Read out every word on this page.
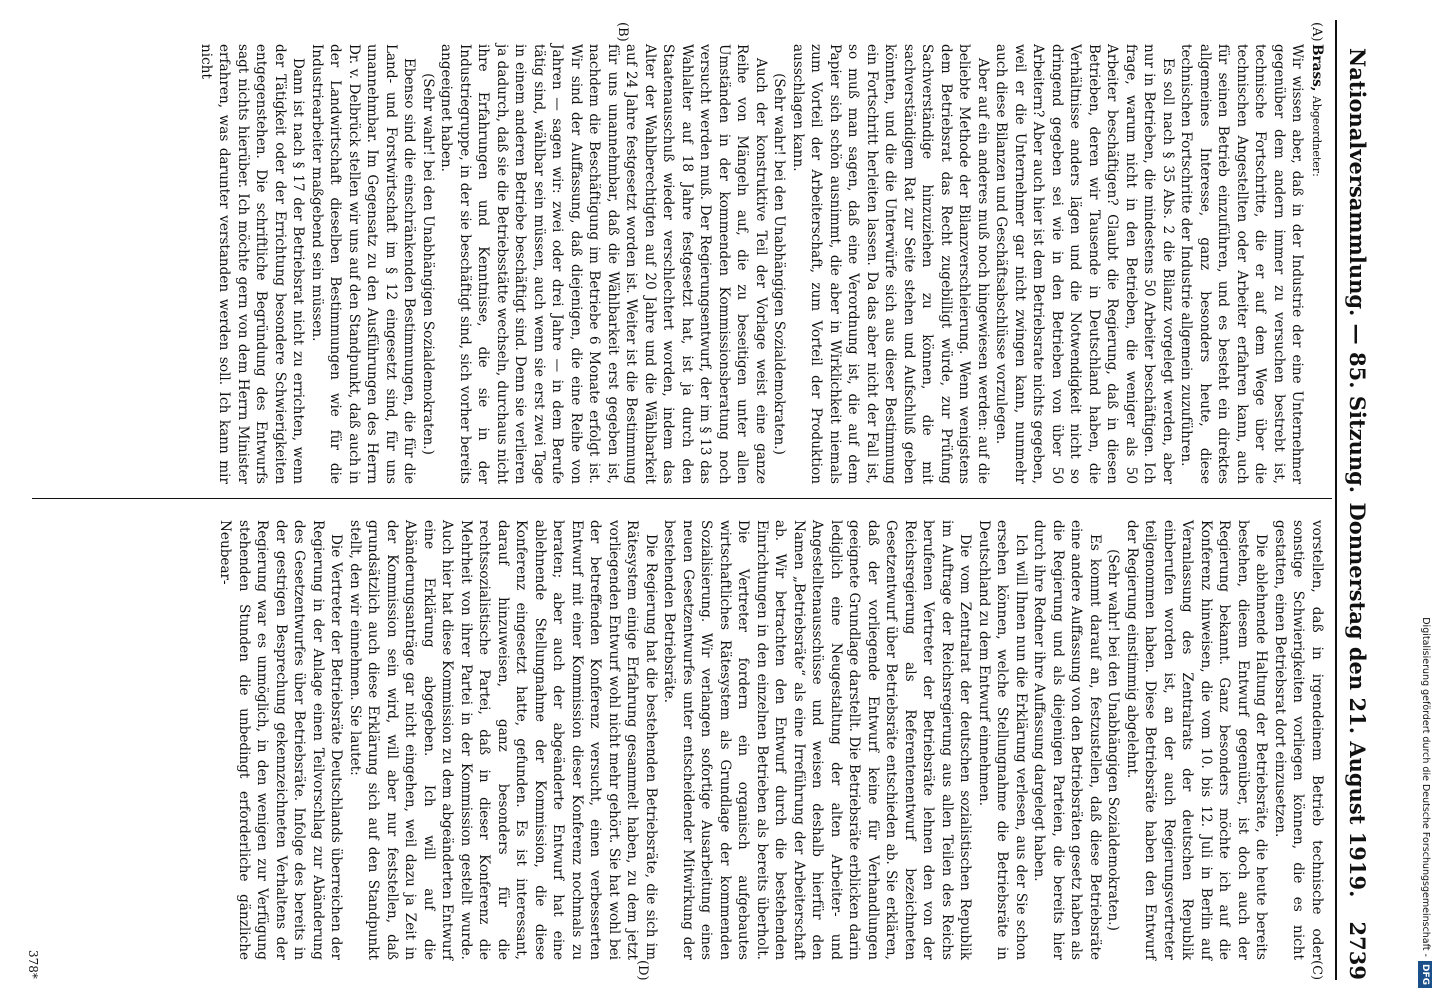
Nationalversammlung. — 85. Sitzung.
Donnerstag den 21. August 1919.
2739
(A)
(B)
(C)
(D)

Brass, Abgeordneter:

Wir wissen aber, daß in der Industrie der eine Unternehmer gegenüber dem andern immer zu versuchen bestrebt ist, technische Fortschritte, die er auf dem Wege über die technischen Angestellten oder Arbeiter erfahren kann, auch für seinen Betrieb einzuführen, und es besteht ein direktes allgemeines Interesse, ganz besonders heute, diese technischen Fortschritte der Industrie allgemein zuzuführen.

Es soll nach § 35 Abs. 2 die Bilanz vorgelegt werden, aber nur in Betrieben, die mindestens 50 Arbeiter beschäftigen. Ich frage, warum nicht in den Betrieben, die weniger als 50 Arbeiter beschäftigen? Glaubt die Regierung, daß in diesen Betrieben, deren wir Tausende in Deutschland haben, die Verhältnisse anders lägen und die Notwendigkeit nicht so dringend gegeben sei wie in den Betrieben von über 50 Arbeitern? Aber auch hier ist dem Betriebsrate nichts gegeben, weil er die Unternehmer gar nicht zwingen kann, nunmehr auch diese Bilanzen und Geschäftsabschlüsse vorzulegen.

Aber auf ein anderes muß noch hingewiesen werden: auf die beliebte Methode der Bilanzverschleierung. Wenn wenigstens dem Betriebsrat das Recht zugebilligt würde, zur Prüfung Sachverständige hinzuziehen zu können, die mit sachverständigem Rat zur Seite stehen und Aufschluß geben könnten, und die die Unterwürfe sich aus dieser Bestimmung ein Fortschritt herleiten lassen. Da das aber nicht der Fall ist, so muß man sagen, daß eine Verordnung ist, die auf dem Papier sich schön ausnimmt, die aber in Wirklichkeit niemals zum Vorteil der Arbeiterschaft, zum Vorteil der Produktion ausschlagen kann.

(Sehr wahr! bei den Unabhängigen Sozialdemokraten.)

Auch der konstruktive Teil der Vorlage weist eine ganze Reihe von Mängeln auf, die zu beseitigen unter allen Umständen in der kommenden Kommissionsberatung noch versucht werden muß. Der Regierungsentwurf, der im § 13 das Wahlalter auf 18 Jahre festgesetzt hat, ist ja durch den Staatenausschuß wieder verschlechtert worden, indem das Alter der Wahlberechtigten auf 20 Jahre und die Wählbarkeit auf 24 Jahre festgesetzt worden ist. Weiter ist die Bestimmung für uns unannehmbar, daß die Wählbarkeit erst gegeben ist, nachdem die Beschäftigung im Betriebe 6 Monate erfolgt ist. Wir sind der Auffassung, daß diejenigen, die eine Reihe von Jahren — sagen wir: zwei oder drei Jahre — in dem Berufe tätig sind, wählbar sein müssen, auch wenn sie erst zwei Tage in einem anderen Betriebe beschäftigt sind. Denn sie verlieren ja dadurch, daß sie die Betriebsstätte wechseln, durchaus nicht ihre Erfahrungen und Kenntnisse, die sie in der Industriegruppe, in der sie beschäftigt sind, sich vorher bereits angeeignet haben.

(Sehr wahr! bei den Unabhängigen Sozialdemokraten.)

Ebenso sind die einschränkenden Bestimmungen, die für die Land- und Forstwirtschaft im § 12 eingesetzt sind, für uns unannehmbar. Im Gegensatz zu den Ausführungen des Herrn Dr. v. Delbrück stellen wir uns auf den Standpunkt, daß auch in der Landwirtschaft dieselben Bestimmungen wie für die Industriearbeiter maßgebend sein müssen.

Dann ist nach § 17 der Betriebsrat nicht zu errichten, wenn der Tätigkeit oder der Errichtung besondere Schwierigkeiten entgegenstehen. Die schriftliche Begründung des Entwurfs sagt nichts hierüber. Ich möchte gern von dem Herrn Minister erfahren, was darunter verstanden werden soll. Ich kann mir nicht

vorstellen, daß in irgendeinem Betrieb technische oder sonstige Schwierigkeiten vorliegen können, die es nicht gestatten, einen Betriebsrat dort einzusetzen.

Die ablehnende Haltung der Betriebsräte, die heute bereits bestehen, diesem Entwurf gegenüber, ist doch auch der Regierung bekannt. Ganz besonders möchte ich auf die Konferenz hinweisen, die vom 10. bis 12. Juli in Berlin auf Veranlassung des Zentralrats der deutschen Republik einberufen worden ist, an der auch Regierungsvertreter teilgenommen haben. Diese Betriebsräte haben den Entwurf der Regierung einstimmig abgelehnt.

(Sehr wahr! bei den Unabhängigen Sozialdemokraten.)

Es kommt darauf an, festzustellen, daß diese Betriebsräte eine andere Auffassung von den Betriebsräten gesetz haben als die Regierung und als diejenigen Parteien, die bereits hier durch ihre Redner ihre Auffassung dargelegt haben.

Ich will Ihnen nun die Erklärung verlesen, aus der Sie schon ersehen können, welche Stellungnahme die Betriebsräte in Deutschland zu dem Entwurf einnehmen.

Die vom Zentralrat der deutschen sozialistischen Republik im Auftrage der Reichsregierung aus allen Teilen des Reichs berufenen Vertreter der Betriebsräte lehnen den von der Reichsregierung als Referentenentwurf bezeichneten Gesetzentwurf über Betriebsräte entschieden ab. Sie erklären, daß der vorliegende Entwurf keine für Verhandlungen geeignete Grundlage darstellt. Die Betriebsräte erblicken darin lediglich eine Neugestaltung der alten Arbeiter- und Angestelltenausschüsse und weisen deshalb hierfür den Namen „Betriebsräte“ als eine Irreführung der Arbeiterschaft ab. Wir betrachten den Entwurf durch die bestehenden Einrichtungen in den einzelnen Betrieben als bereits überholt. Die Vertreter fordern ein organisch aufgebautes wirtschaftliches Rätesystem als Grundlage der kommenden Sozialisierung. Wir verlangen sofortige Ausarbeitung eines neuen Gesetzentwurfes unter entscheidender Mitwirkung der bestehenden Betriebsräte.

Die Regierung hat die bestehenden Betriebsräte, die sich im Rätesystem einige Erfahrung gesammelt haben, zu dem jetzt vorliegenden Entwurf wohl nicht mehr gehört. Sie hat wohl bei der betreffenden Konferenz versucht, einen verbesserten Entwurf mit einer Kommission dieser Konferenz nochmals zu beraten; aber auch der abgeänderte Entwurf hat eine ablehnende Stellungnahme der Kommission, die diese Konferenz eingesetzt hatte, gefunden. Es ist interessant, darauf hinzuweisen, ganz besonders für die rechtssozialistische Partei, daß in dieser Konferenz die Mehrheit von ihrer Partei in der Kommission gestellt wurde. Auch hier hat diese Kommission zu dem abgeänderten Entwurf eine Erklärung abgegeben. Ich will auf die Abänderungsanträge gar nicht eingehen, weil dazu ja Zeit in der Kommission sein wird, will aber nur feststellen, daß grundsätzlich auch diese Erklärung sich auf den Standpunkt stellt, den wir einnehmen. Sie lautet:

Die Vertreter der Betriebsräte Deutschlands überreichen der Regierung in der Anlage einen Teilvorschlag zur Abänderung des Gesetzentwurfes über Betriebsräte. Infolge des bereits in der gestrigen Besprechung gekennzeichneten Verhaltens der Regierung war es unmöglich, in den wenigen zur Verfügung stehenden Stunden die unbedingt erforderliche gänzliche Neubear-

378*
Digitalisierung gefördert durch die Deutsche Forschungsgemeinschaft -DFG
